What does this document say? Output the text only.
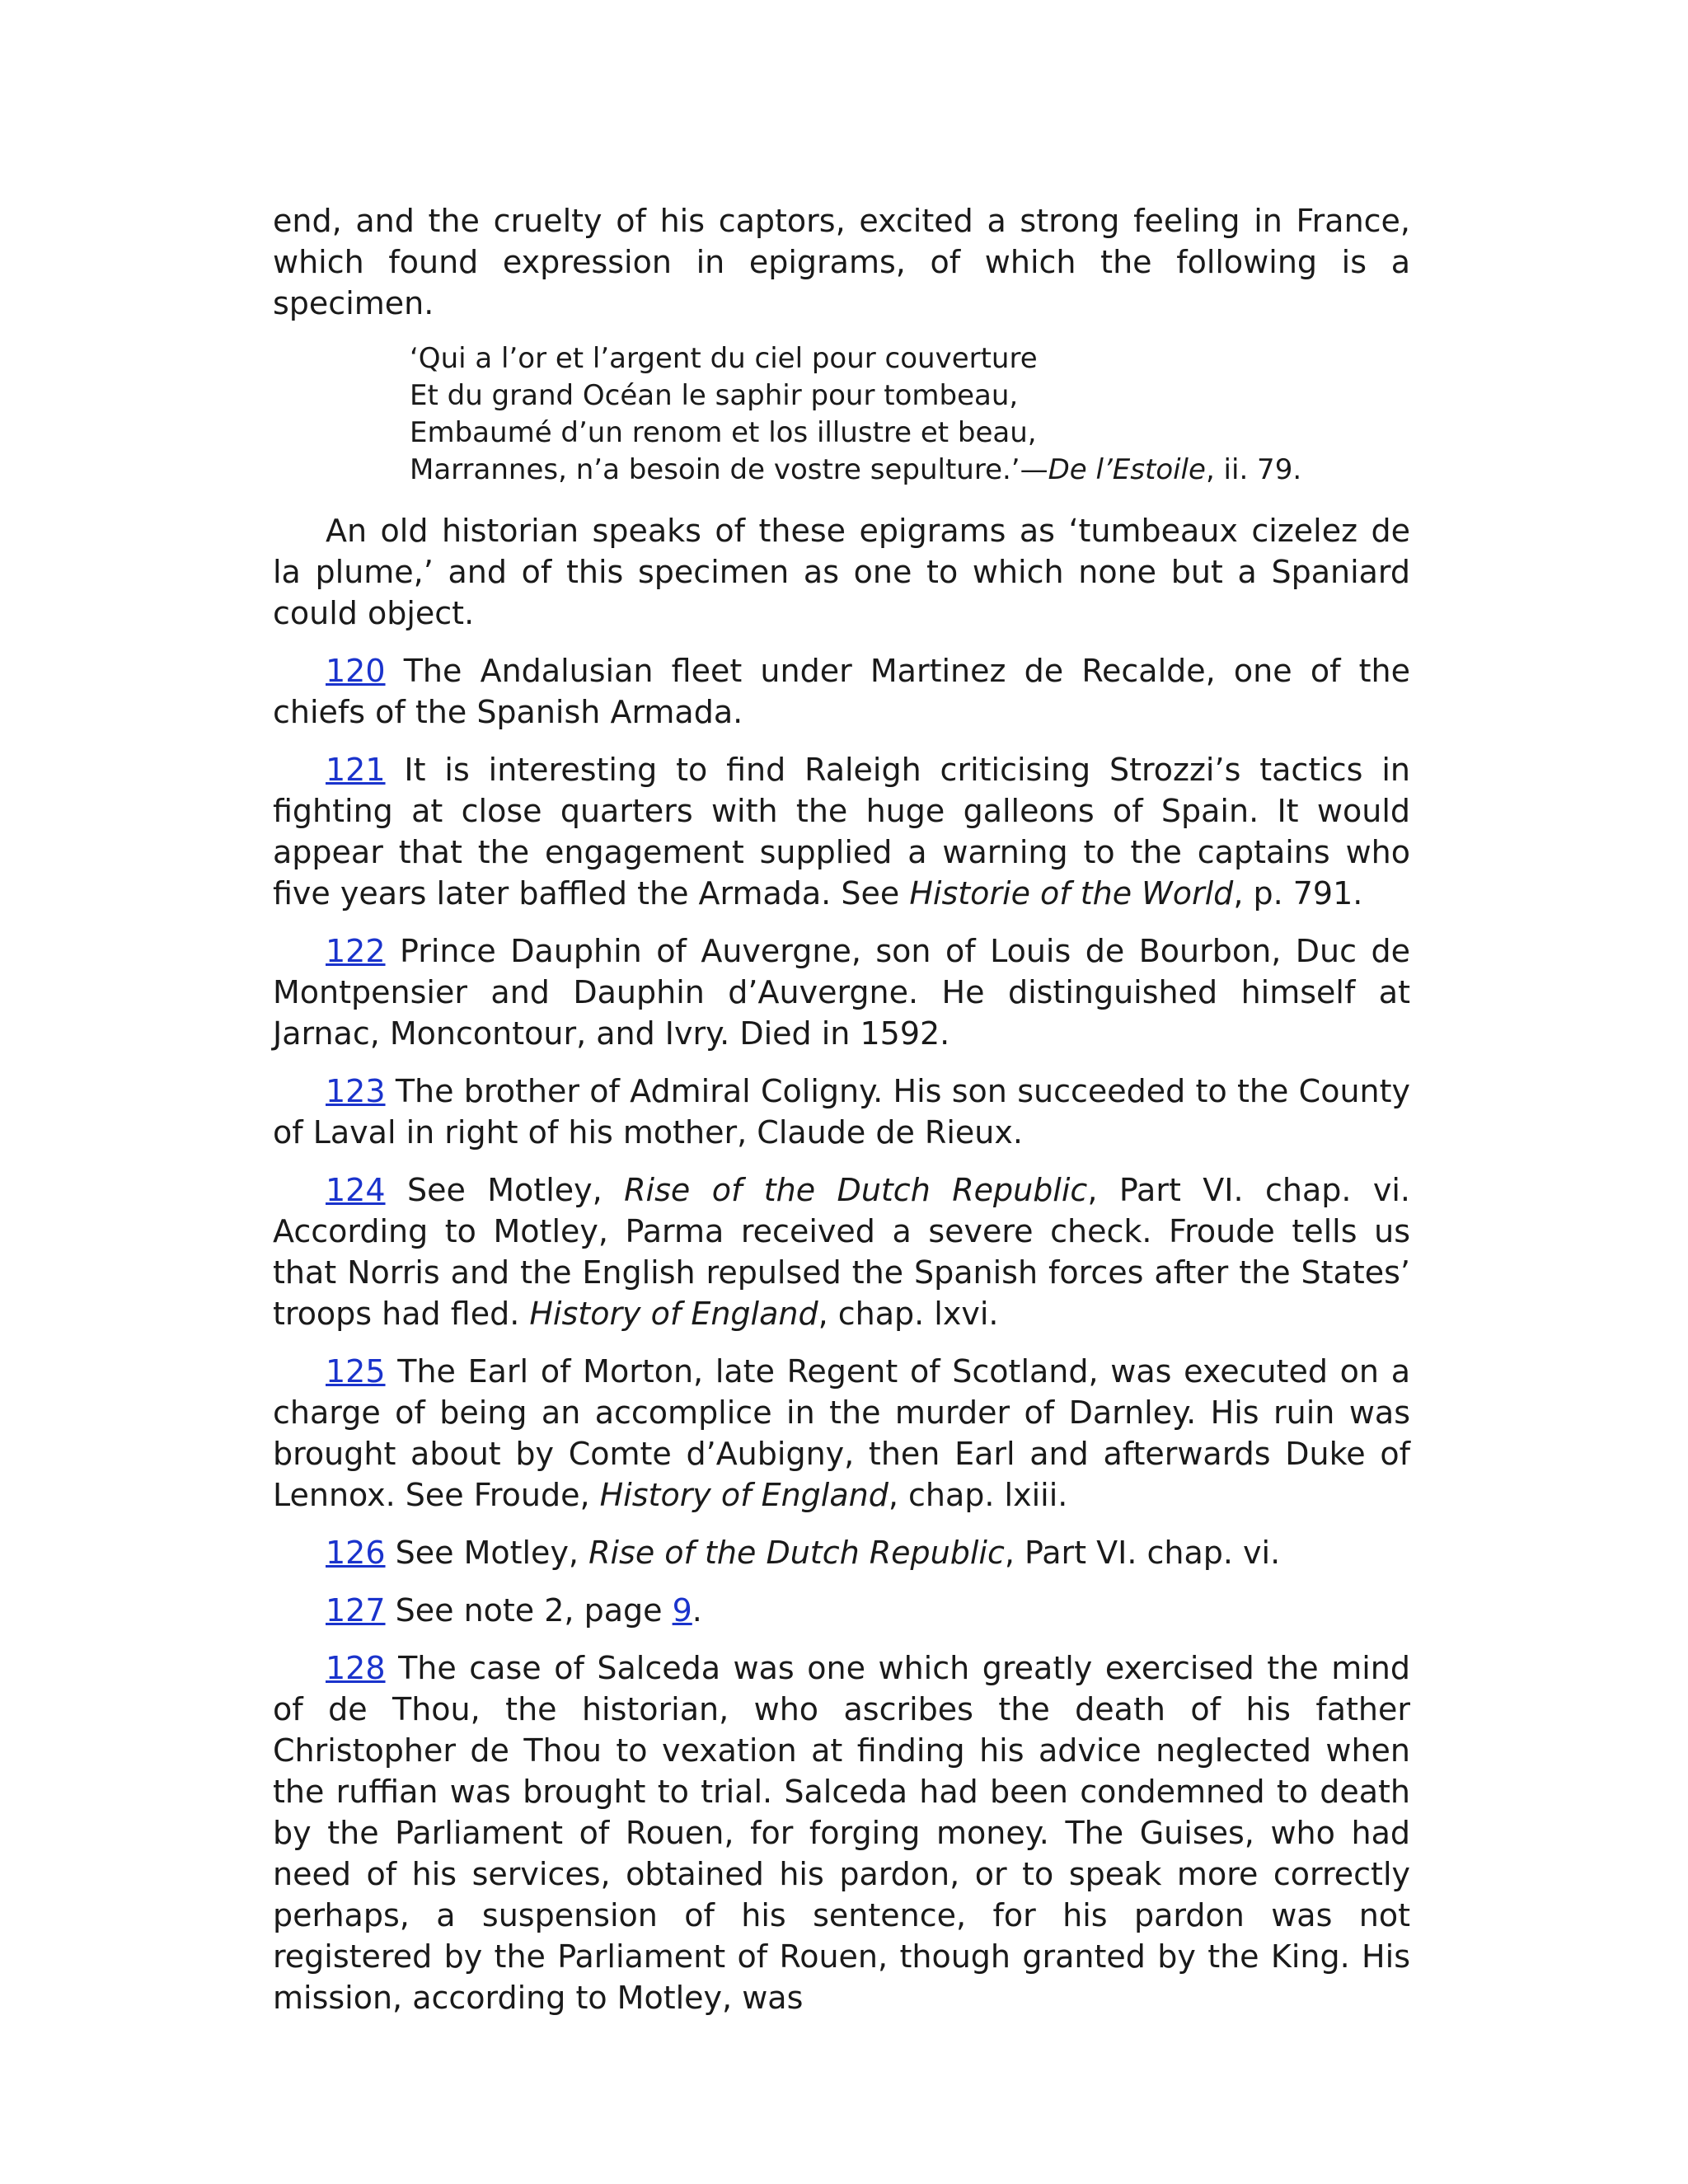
end, and the cruelty of his captors, excited a strong feeling in France, which found expression in epigrams, of which the following is a specimen.

‘Qui a l’or et l’argent du ciel pour couverture
Et du grand Océan le saphir pour tombeau,
Embaumé d’un renom et los illustre et beau,
Marrannes, n’a besoin de vostre sepulture.’—De l’Estoile, ii. 79.

An old historian speaks of these epigrams as ‘tumbeaux cizelez de la plume,’ and of this specimen as one to which none but a Spaniard could object.

120 The Andalusian fleet under Martinez de Recalde, one of the chiefs of the Spanish Armada.

121 It is interesting to find Raleigh criticising Strozzi’s tactics in fighting at close quarters with the huge galleons of Spain. It would appear that the engagement supplied a warning to the captains who five years later baffled the Armada. See Historie of the World, p. 791.

122 Prince Dauphin of Auvergne, son of Louis de Bourbon, Duc de Montpensier and Dauphin d’Auvergne. He distinguished himself at Jarnac, Moncontour, and Ivry. Died in 1592.

123 The brother of Admiral Coligny. His son succeeded to the County of Laval in right of his mother, Claude de Rieux.

124 See Motley, Rise of the Dutch Republic, Part VI. chap. vi. According to Motley, Parma received a severe check. Froude tells us that Norris and the English repulsed the Spanish forces after the States’ troops had fled. History of England, chap. lxvi.

125 The Earl of Morton, late Regent of Scotland, was executed on a charge of being an accomplice in the murder of Darnley. His ruin was brought about by Comte d’Aubigny, then Earl and afterwards Duke of Lennox. See Froude, History of England, chap. lxiii.

126 See Motley, Rise of the Dutch Republic, Part VI. chap. vi.

127 See note 2, page 9.

128 The case of Salceda was one which greatly exercised the mind of de Thou, the historian, who ascribes the death of his father Christopher de Thou to vexation at finding his advice neglected when the ruffian was brought to trial. Salceda had been condemned to death by the Parliament of Rouen, for forging money. The Guises, who had need of his services, obtained his pardon, or to speak more correctly perhaps, a suspension of his sentence, for his pardon was not registered by the Parliament of Rouen, though granted by the King. His mission, according to Motley, was
